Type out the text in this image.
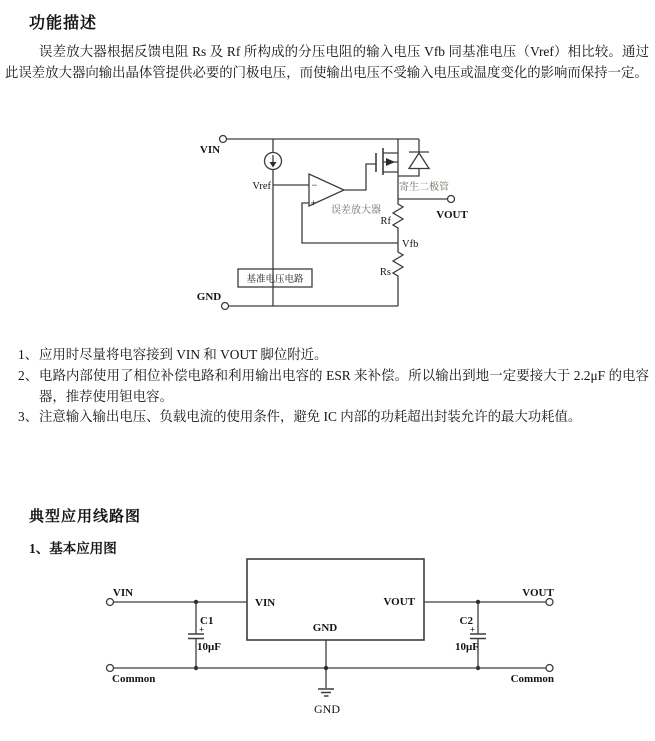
功能描述
误差放大器根据反馈电阻 Rs 及 Rf 所构成的分压电阻的输入电压 Vfb 同基准电压（Vref）相比较。通过此误差放大器向输出晶体管提供必要的门极电压，而使输出电压不受输入电压或温度变化的影响而保持一定。
VIN
Vref	−
+
误差放大器
寄生二极管
VOUT
Rf
Vfb
Rs
基准电压电路
GND
1、 应用时尽量将电容接到 VIN 和 VOUT 脚位附近。
2、 电路内部使用了相位补偿电路和利用输出电容的 ESR 来补偿。所以输出到地一定要接大于 2.2μF 的电容器，推荐使用钽电容。
3、 注意输入输出电压、负载电流的使用条件，避免 IC 内部的功耗超出封装允许的最大功耗值。
典型应用线路图
1、基本应用图
VIN	VOUT
GND
VIN
C1
+
10μF
VOUT
C2
+
10μF
Common	Common
GND
